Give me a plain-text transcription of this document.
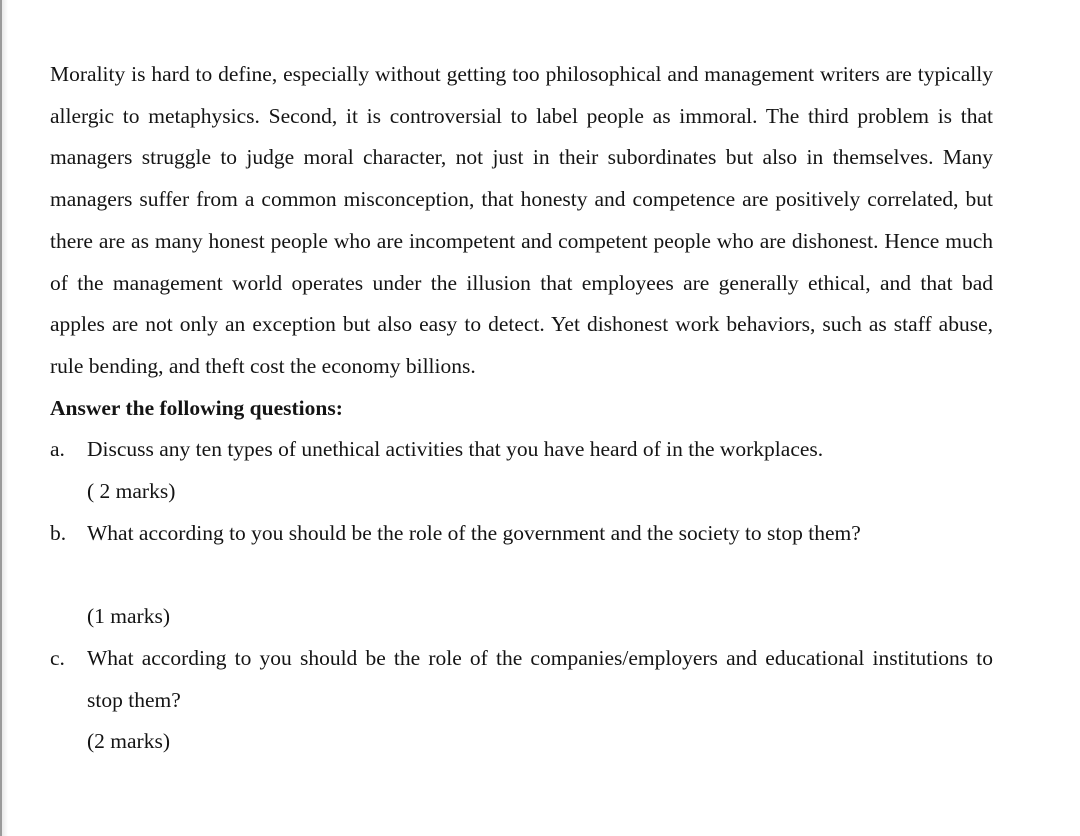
Morality is hard to define, especially without getting too philosophical and management writers are typically allergic to metaphysics. Second, it is controversial to label people as immoral. The third problem is that managers struggle to judge moral character, not just in their subordinates but also in themselves. Many managers suffer from a common misconception, that honesty and competence are positively correlated, but there are as many honest people who are incompetent and competent people who are dishonest. Hence much of the management world operates under the illusion that employees are generally ethical, and that bad apples are not only an exception but also easy to detect. Yet dishonest work behaviors, such as staff abuse, rule bending, and theft cost the economy billions.

Answer the following questions:

a. Discuss any ten types of unethical activities that you have heard of in the workplaces.

( 2 marks)

b. What according to you should be the role of the government and the society to stop them?

(1 marks)

c. What according to you should be the role of the companies/employers and educational institutions to stop them?

(2 marks)
